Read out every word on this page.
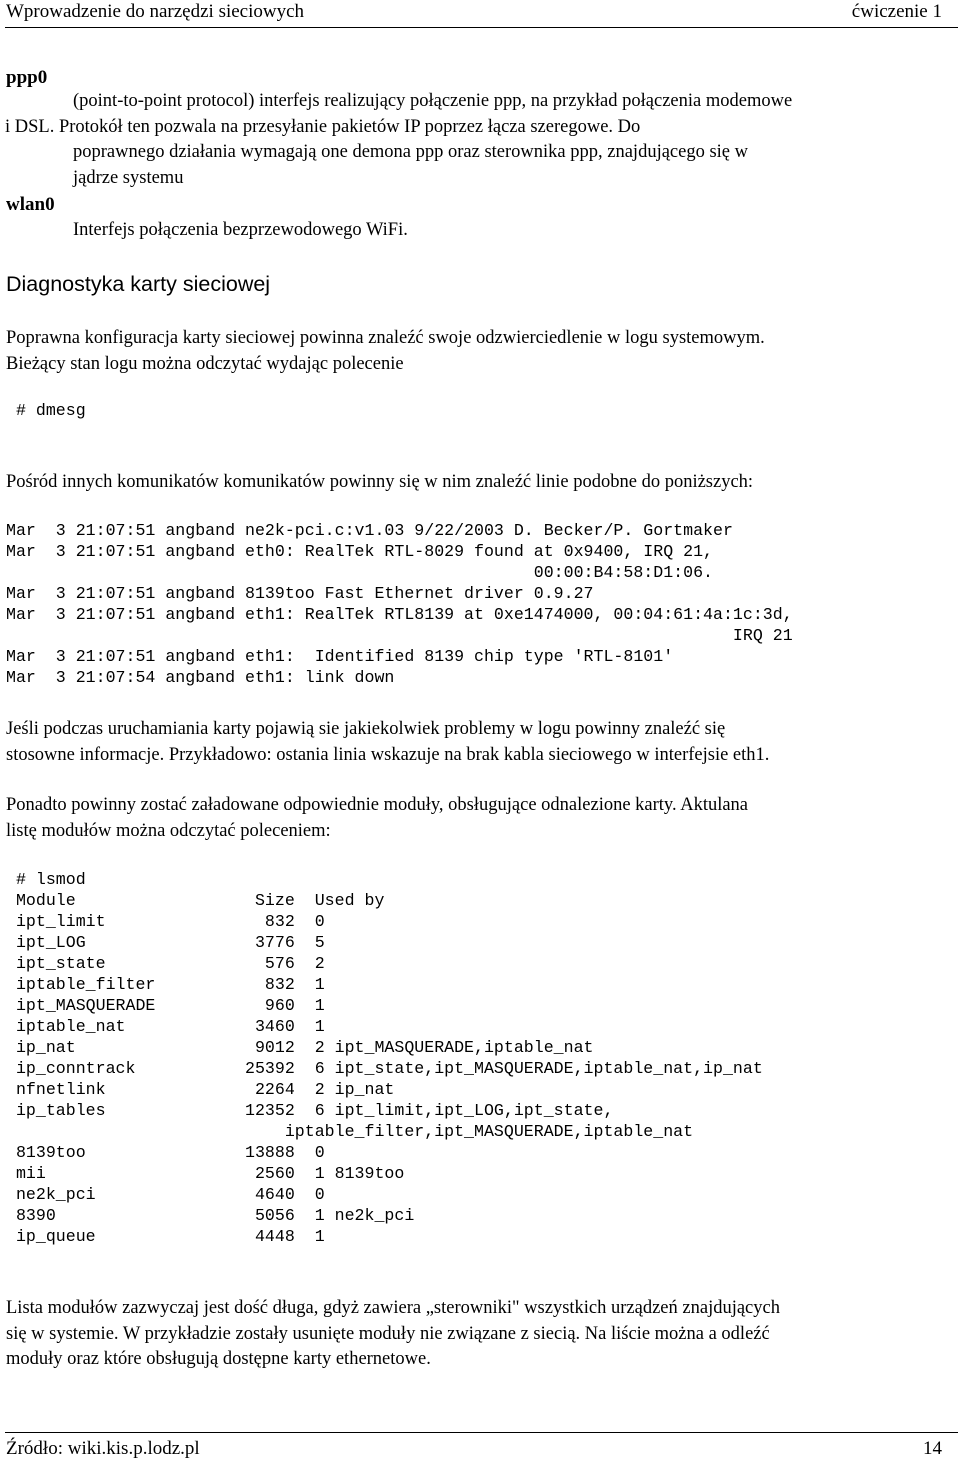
Wprowadzenie do narzędzi sieciowych	ćwiczenie 1
ppp0
(point-to-point protocol) interfejs realizujący połączenie ppp, na przykład połączenia modemowe
i DSL. Protokół ten pozwala na przesyłanie pakietów IP poprzez łącza szeregowe. Do
poprawnego działania wymagają one demona ppp oraz sterownika ppp, znajdującego się w
jądrze systemu
wlan0
Interfejs połączenia bezprzewodowego WiFi.
Diagnostyka karty sieciowej
Poprawna konfiguracja karty sieciowej powinna znaleźć swoje odzwierciedlenie w logu systemowym.
Bieżący stan logu można odczytać wydając polecenie
# dmesg
Pośród innych komunikatów komunikatów powinny się w nim znaleźć linie podobne do poniższych:
Mar  3 21:07:51 angband ne2k-pci.c:v1.03 9/22/2003 D. Becker/P. Gortmaker
Mar  3 21:07:51 angband eth0: RealTek RTL-8029 found at 0x9400, IRQ 21,
00:00:B4:58:D1:06.
Mar  3 21:07:51 angband 8139too Fast Ethernet driver 0.9.27
Mar  3 21:07:51 angband eth1: RealTek RTL8139 at 0xe1474000, 00:04:61:4a:1c:3d,
IRQ 21
Mar  3 21:07:51 angband eth1:  Identified 8139 chip type 'RTL-8101'
Mar  3 21:07:54 angband eth1: link down
Jeśli podczas uruchamiania karty pojawią sie jakiekolwiek problemy w logu powinny znaleźć się
stosowne informacje. Przykładowo: ostania linia wskazuje na brak kabla sieciowego w interfejsie eth1.
Ponadto powinny zostać załadowane odpowiednie moduły, obsługujące odnalezione karty. Aktulana
listę modułów można odczytać poleceniem:
# lsmod
Module                  Size  Used by
ipt_limit                832  0
ipt_LOG                 3776  5
ipt_state                576  2
iptable_filter           832  1
ipt_MASQUERADE           960  1
iptable_nat             3460  1
ip_nat                  9012  2 ipt_MASQUERADE,iptable_nat
ip_conntrack           25392  6 ipt_state,ipt_MASQUERADE,iptable_nat,ip_nat
nfnetlink               2264  2 ip_nat
ip_tables              12352  6 ipt_limit,ipt_LOG,ipt_state,
iptable_filter,ipt_MASQUERADE,iptable_nat
8139too                13888  0
mii                     2560  1 8139too
ne2k_pci                4640  0
8390                    5056  1 ne2k_pci
ip_queue                4448  1
Lista modułów zazwyczaj jest dość długa, gdyż zawiera „sterowniki" wszystkich urządzeń znajdujących
się w systemie. W przykładzie zostały usunięte moduły nie związane z siecią. Na liście można a odleźć
moduły oraz które obsługują dostępne karty ethernetowe.
Źródło: wiki.kis.p.lodz.pl	14
